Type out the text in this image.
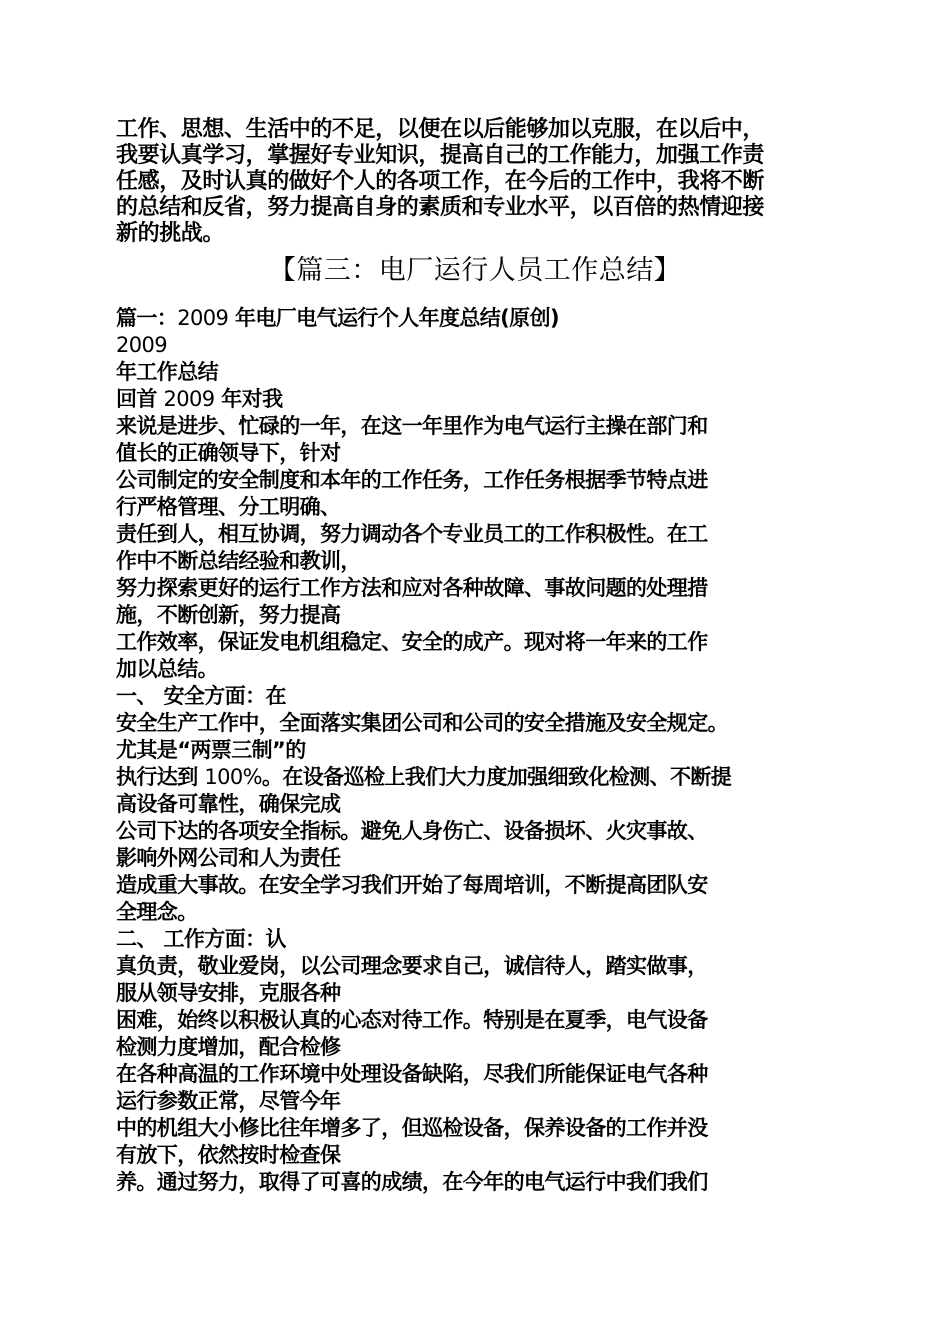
工作、思想、生活中的不足，以便在以后能够加以克服，在以后中，

我要认真学习，掌握好专业知识，提高自己的工作能力，加强工作责

任感，及时认真的做好个人的各项工作，在今后的工作中，我将不断

的总结和反省，努力提高自身的素质和专业水平，以百倍的热情迎接

新的挑战。

【篇三：电厂运行人员工作总结】

篇一：2009 年电厂电气运行个人年度总结(原创)

2009

年工作总结

回首 2009 年对我

来说是进步、忙碌的一年，在这一年里作为电气运行主操在部门和

值长的正确领导下，针对

公司制定的安全制度和本年的工作任务，工作任务根据季节特点进

行严格管理、分工明确、

责任到人，相互协调，努力调动各个专业员工的工作积极性。在工

作中不断总结经验和教训，

努力探索更好的运行工作方法和应对各种故障、事故问题的处理措

施，不断创新，努力提高

工作效率，保证发电机组稳定、安全的成产。现对将一年来的工作

加以总结。

一、 安全方面：在

安全生产工作中，全面落实集团公司和公司的安全措施及安全规定。

尤其是“两票三制”的

执行达到 100%。在设备巡检上我们大力度加强细致化检测、不断提

高设备可靠性，确保完成

公司下达的各项安全指标。避免人身伤亡、设备损坏、火灾事故、

影响外网公司和人为责任

造成重大事故。在安全学习我们开始了每周培训，不断提高团队安

全理念。

二、 工作方面：认

真负责，敬业爱岗，以公司理念要求自己，诚信待人，踏实做事，

服从领导安排，克服各种

困难，始终以积极认真的心态对待工作。特别是在夏季，电气设备

检测力度增加，配合检修

在各种高温的工作环境中处理设备缺陷，尽我们所能保证电气各种

运行参数正常，尽管今年

中的机组大小修比往年增多了，但巡检设备，保养设备的工作并没

有放下，依然按时检查保

养。通过努力，取得了可喜的成绩，在今年的电气运行中我们我们
